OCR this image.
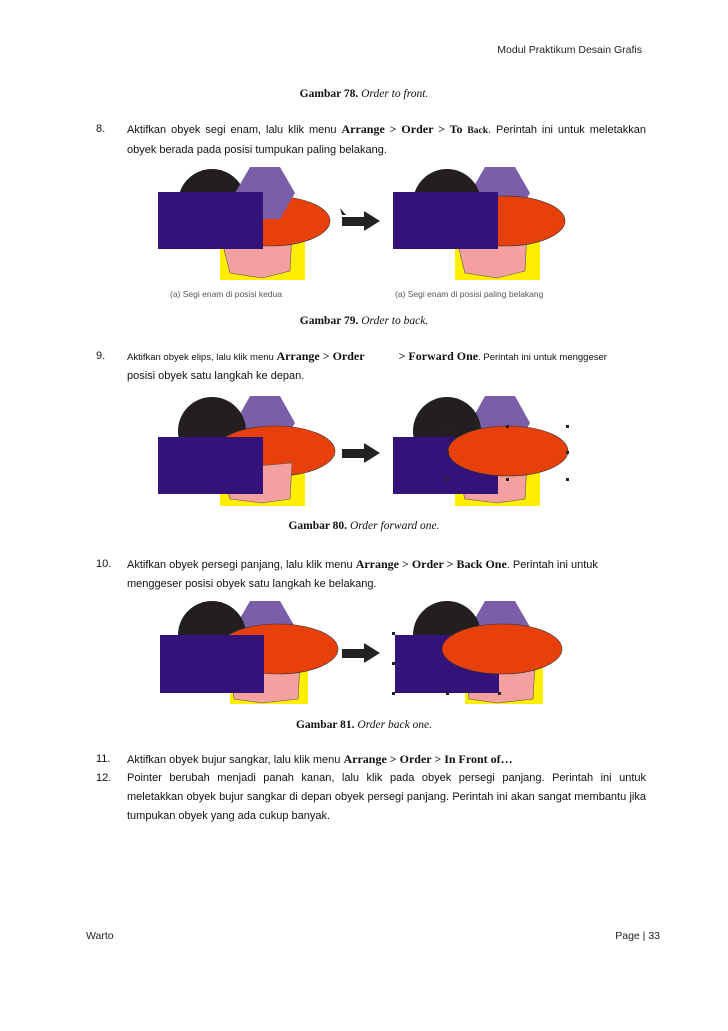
Modul Praktikum Desain Grafis
Gambar 78. Order to front.
8.	Aktifkan obyek segi enam, lalu klik menu Arrange > Order > To Back. Perintah ini untuk meletakkan obyek berada pada posisi tumpukan paling belakang.
(a) Segi enam di posisi kedua	(a) Segi enam di posisi paling belakang
Gambar 79. Order to back.
9.	Aktifkan obyek elips, lalu klik menu Arrange > Order	> Forward One. Perintah ini untuk menggeser
posisi obyek satu langkah ke depan.
Gambar 80. Order forward one.
10.	Aktifkan obyek persegi panjang, lalu klik menu Arrange > Order > Back One. Perintah ini untuk
menggeser posisi obyek satu langkah ke belakang.
Gambar 81. Order back one.
11.	Aktifkan obyek bujur sangkar, lalu klik menu Arrange > Order > In Front of…
12.	Pointer berubah menjadi panah kanan, lalu klik pada obyek persegi panjang. Perintah ini untuk meletakkan obyek bujur sangkar di depan obyek persegi panjang. Perintah ini akan sangat membantu jika tumpukan obyek yang ada cukup banyak.
Warto	Page | 33
